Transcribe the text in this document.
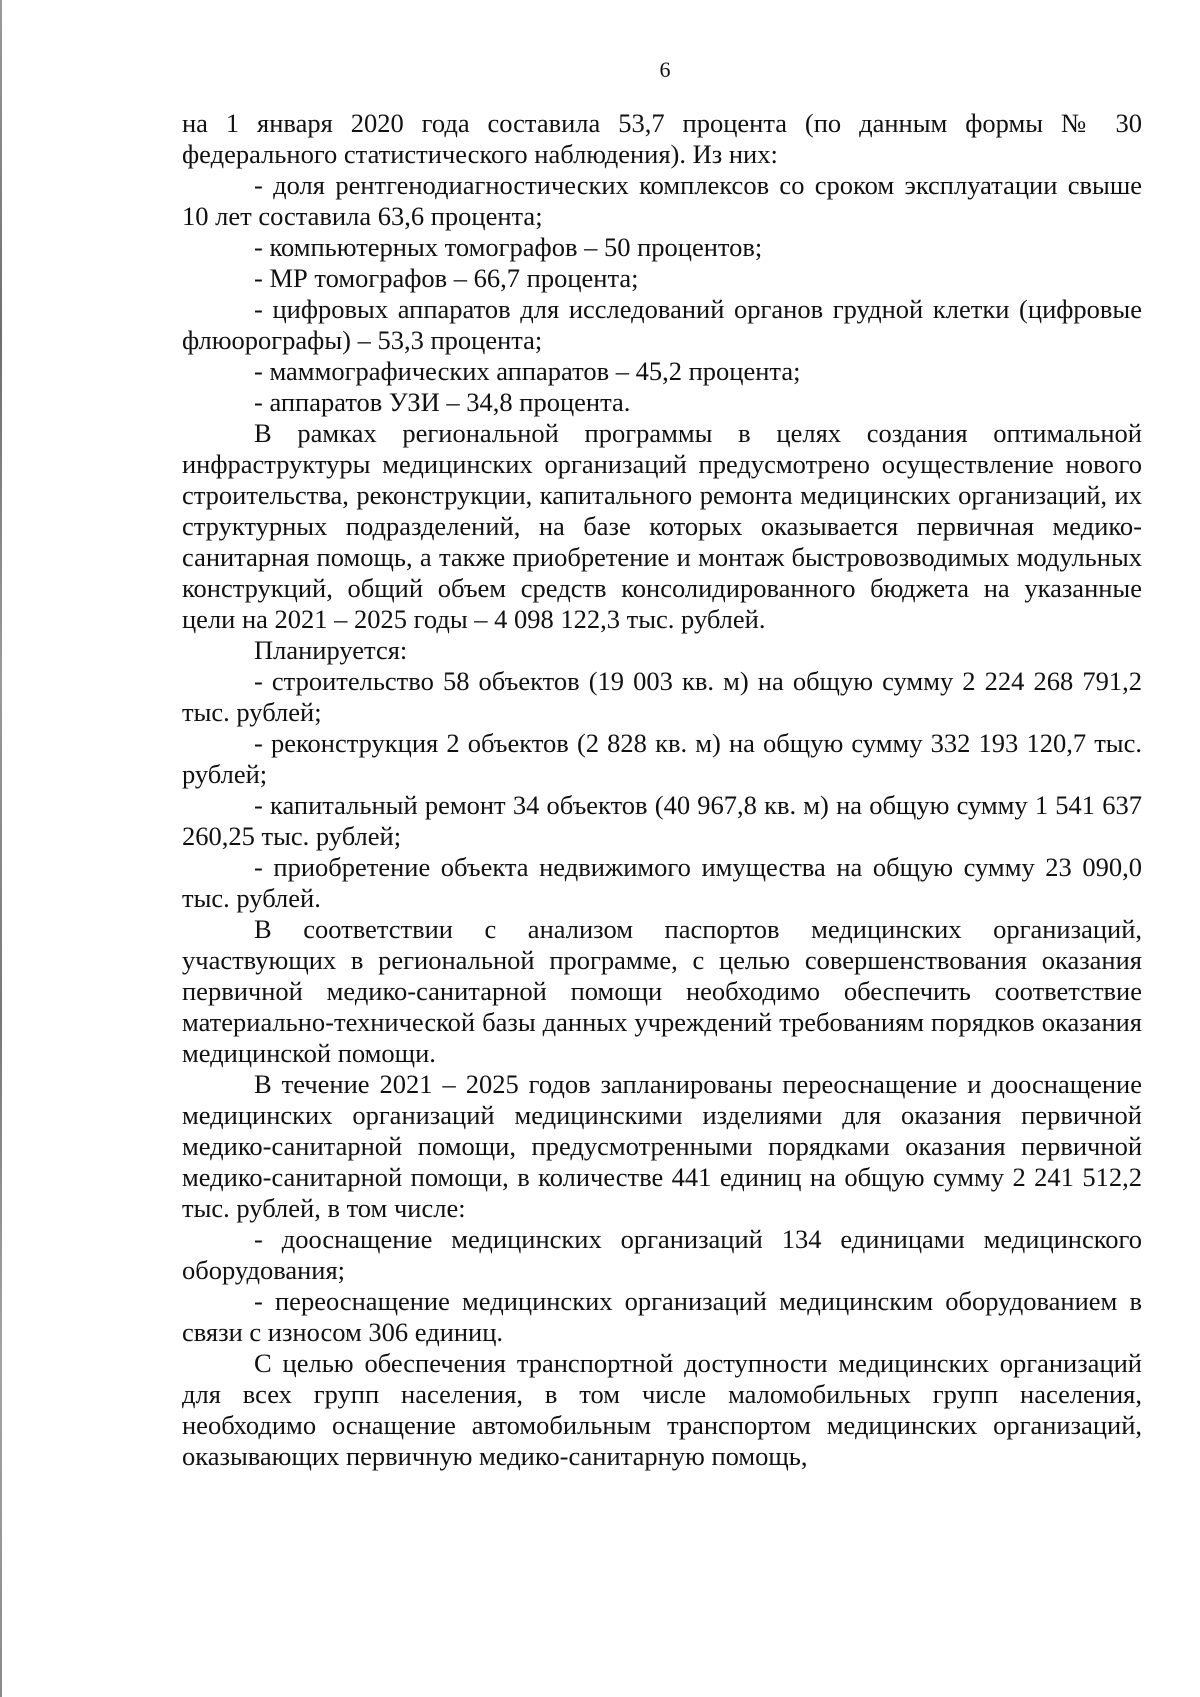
6

на 1 января 2020 года составила 53,7 процента (по данным формы № 30 федерального статистического наблюдения). Из них:

- доля рентгенодиагностических комплексов со сроком эксплуатации свыше 10 лет составила 63,6 процента;

- компьютерных томографов – 50 процентов;

- МР томографов – 66,7 процента;

- цифровых аппаратов для исследований органов грудной клетки (цифровые флюорографы) – 53,3 процента;

- маммографических аппаратов – 45,2 процента;

- аппаратов УЗИ – 34,8 процента.

В рамках региональной программы в целях создания оптимальной инфраструктуры медицинских организаций предусмотрено осуществление нового строительства, реконструкции, капитального ремонта медицинских организаций, их структурных подразделений, на базе которых оказывается первичная медико-санитарная помощь, а также приобретение и монтаж быстровозводимых модульных конструкций, общий объем средств консолидированного бюджета на указанные цели на 2021 – 2025 годы – 4 098 122,3 тыс. рублей.

Планируется:

- строительство 58 объектов (19 003 кв. м) на общую сумму 2 224 268 791,2 тыс. рублей;

- реконструкция 2 объектов (2 828 кв. м) на общую сумму 332 193 120,7 тыс. рублей;

- капитальный ремонт 34 объектов (40 967,8 кв. м) на общую сумму 1 541 637 260,25 тыс. рублей;

- приобретение объекта недвижимого имущества на общую сумму 23 090,0 тыс. рублей.

В соответствии с анализом паспортов медицинских организаций, участвующих в региональной программе, с целью совершенствования оказания первичной медико-санитарной помощи необходимо обеспечить соответствие материально-технической базы данных учреждений требованиям порядков оказания медицинской помощи.

В течение 2021 – 2025 годов запланированы переоснащение и дооснащение медицинских организаций медицинскими изделиями для оказания первичной медико-санитарной помощи, предусмотренными порядками оказания первичной медико-санитарной помощи, в количестве 441 единиц на общую сумму 2 241 512,2 тыс. рублей, в том числе:

- дооснащение медицинских организаций 134 единицами медицинского оборудования;

- переоснащение медицинских организаций медицинским оборудованием в связи с износом 306 единиц.

С целью обеспечения транспортной доступности медицинских организаций для всех групп населения, в том числе маломобильных групп населения, необходимо оснащение автомобильным транспортом медицинских организаций, оказывающих первичную медико-санитарную помощь,
